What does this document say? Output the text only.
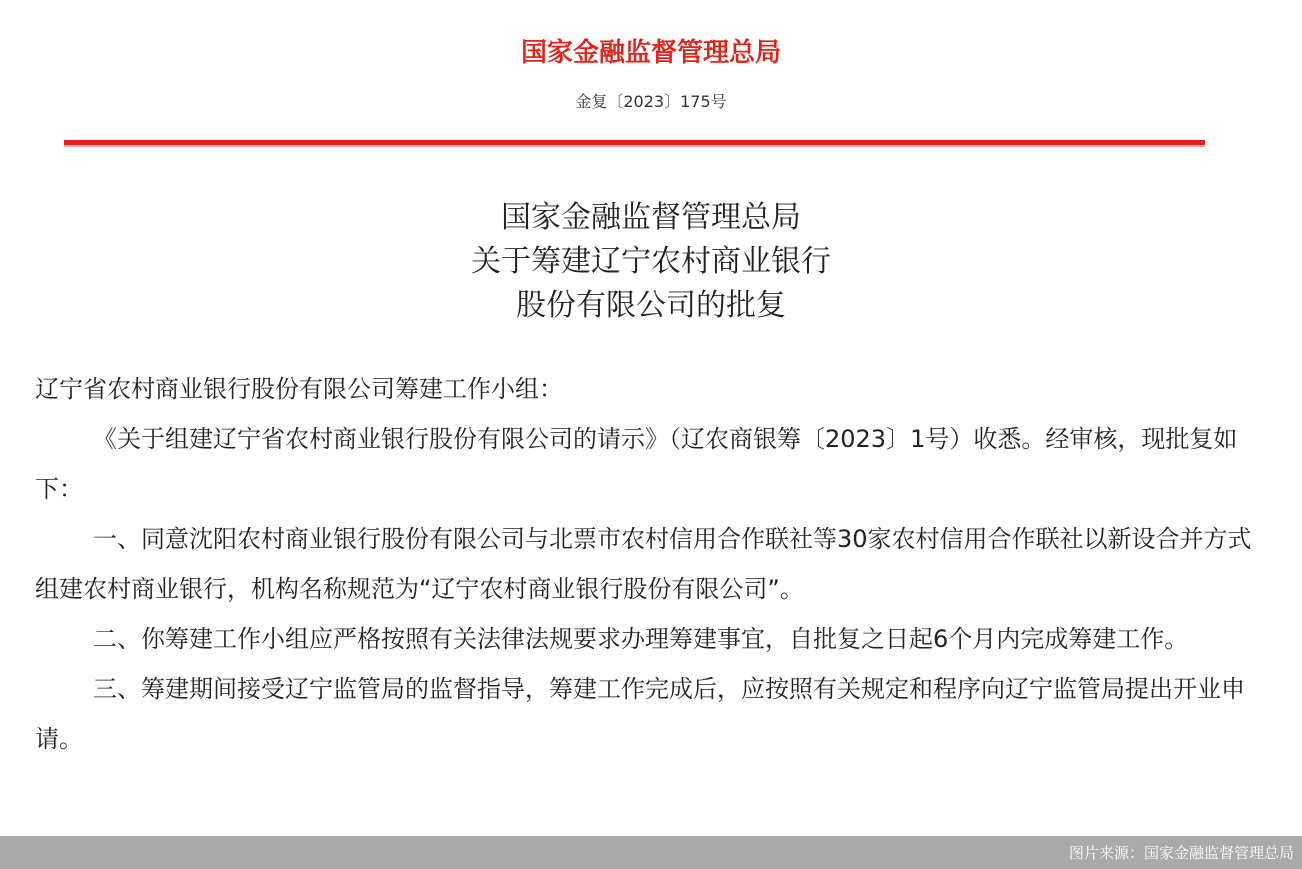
国家金融监督管理总局
金复〔2023〕175号
国家金融监督管理总局
关于筹建辽宁农村商业银行
股份有限公司的批复

辽宁省农村商业银行股份有限公司筹建工作小组：

《关于组建辽宁省农村商业银行股份有限公司的请示》（辽农商银筹〔2023〕1号）收悉。经审核，现批复如下：

一、同意沈阳农村商业银行股份有限公司与北票市农村信用合作联社等30家农村信用合作联社以新设合并方式组建农村商业银行，机构名称规范为“辽宁农村商业银行股份有限公司”。

二、你筹建工作小组应严格按照有关法律法规要求办理筹建事宜，自批复之日起6个月内完成筹建工作。

三、筹建期间接受辽宁监管局的监督指导，筹建工作完成后，应按照有关规定和程序向辽宁监管局提出开业申请。

图片来源：国家金融监督管理总局
